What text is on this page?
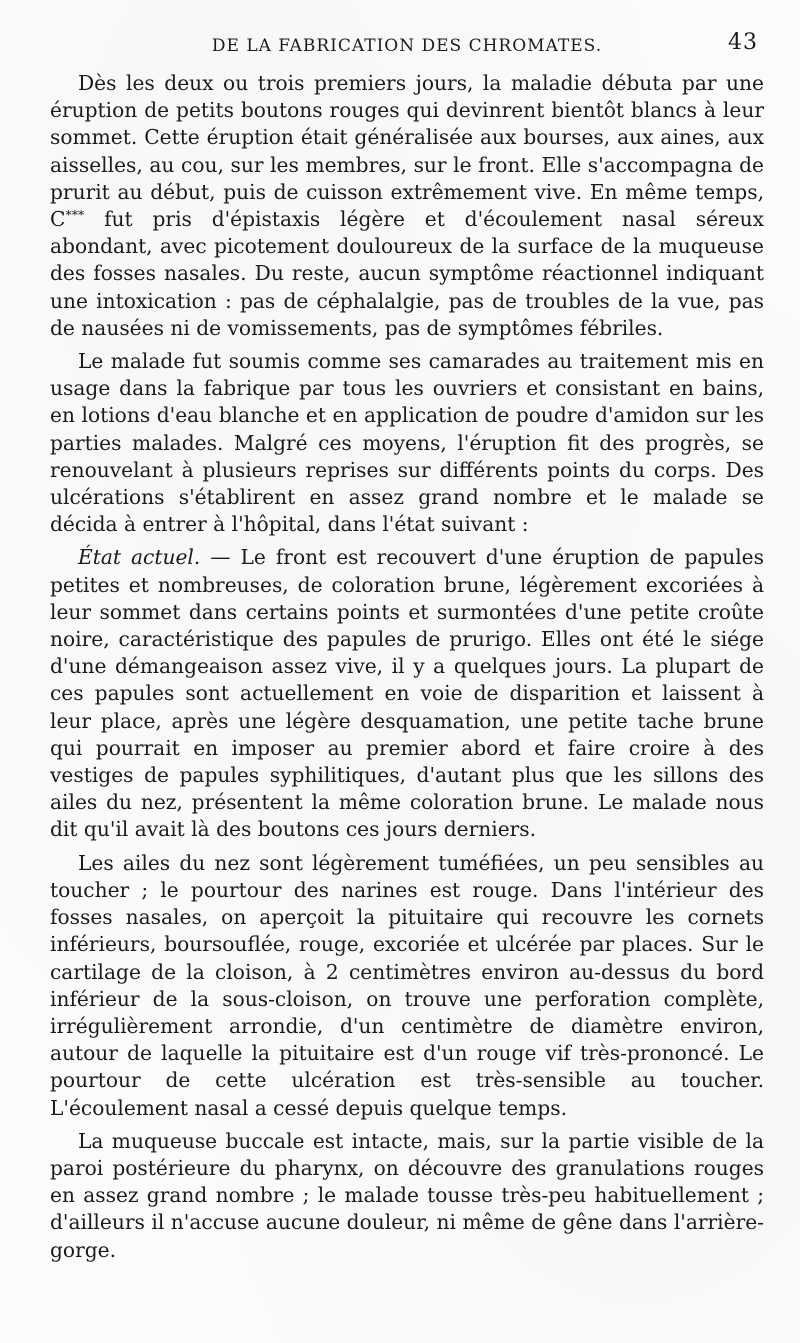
DE LA FABRICATION DES CHROMATES.	43

Dès les deux ou trois premiers jours, la maladie débuta par une éruption de petits boutons rouges qui devinrent bientôt blancs à leur sommet. Cette éruption était généralisée aux bourses, aux aines, aux aisselles, au cou, sur les membres, sur le front. Elle s'accompagna de prurit au début, puis de cuisson extrêmement vive. En même temps, C*** fut pris d'épistaxis légère et d'écoulement nasal séreux abondant, avec picotement douloureux de la surface de la muqueuse des fosses nasales. Du reste, aucun symptôme réactionnel indiquant une intoxication : pas de céphalalgie, pas de troubles de la vue, pas de nausées ni de vomissements, pas de symptômes fébriles.

Le malade fut soumis comme ses camarades au traitement mis en usage dans la fabrique par tous les ouvriers et consistant en bains, en lotions d'eau blanche et en application de poudre d'amidon sur les parties malades. Malgré ces moyens, l'éruption fit des progrès, se renouvelant à plusieurs reprises sur différents points du corps. Des ulcérations s'établirent en assez grand nombre et le malade se décida à entrer à l'hôpital, dans l'état suivant :

État actuel. — Le front est recouvert d'une éruption de papules petites et nombreuses, de coloration brune, légèrement excoriées à leur sommet dans certains points et surmontées d'une petite croûte noire, caractéristique des papules de prurigo. Elles ont été le siége d'une démangeaison assez vive, il y a quelques jours. La plupart de ces papules sont actuellement en voie de disparition et laissent à leur place, après une légère desquamation, une petite tache brune qui pourrait en imposer au premier abord et faire croire à des vestiges de papules syphilitiques, d'autant plus que les sillons des ailes du nez, présentent la même coloration brune. Le malade nous dit qu'il avait là des boutons ces jours derniers.

Les ailes du nez sont légèrement tuméfiées, un peu sensibles au toucher ; le pourtour des narines est rouge. Dans l'intérieur des fosses nasales, on aperçoit la pituitaire qui recouvre les cornets inférieurs, boursouflée, rouge, excoriée et ulcérée par places. Sur le cartilage de la cloison, à 2 centimètres environ au-dessus du bord inférieur de la sous-cloison, on trouve une perforation complète, irrégulièrement arrondie, d'un centimètre de diamètre environ, autour de laquelle la pituitaire est d'un rouge vif très-prononcé. Le pourtour de cette ulcération est très-sensible au toucher. L'écoulement nasal a cessé depuis quelque temps.

La muqueuse buccale est intacte, mais, sur la partie visible de la paroi postérieure du pharynx, on découvre des granulations rouges en assez grand nombre ; le malade tousse très-peu habituellement ; d'ailleurs il n'accuse aucune douleur, ni même de gêne dans l'arrière-gorge.
